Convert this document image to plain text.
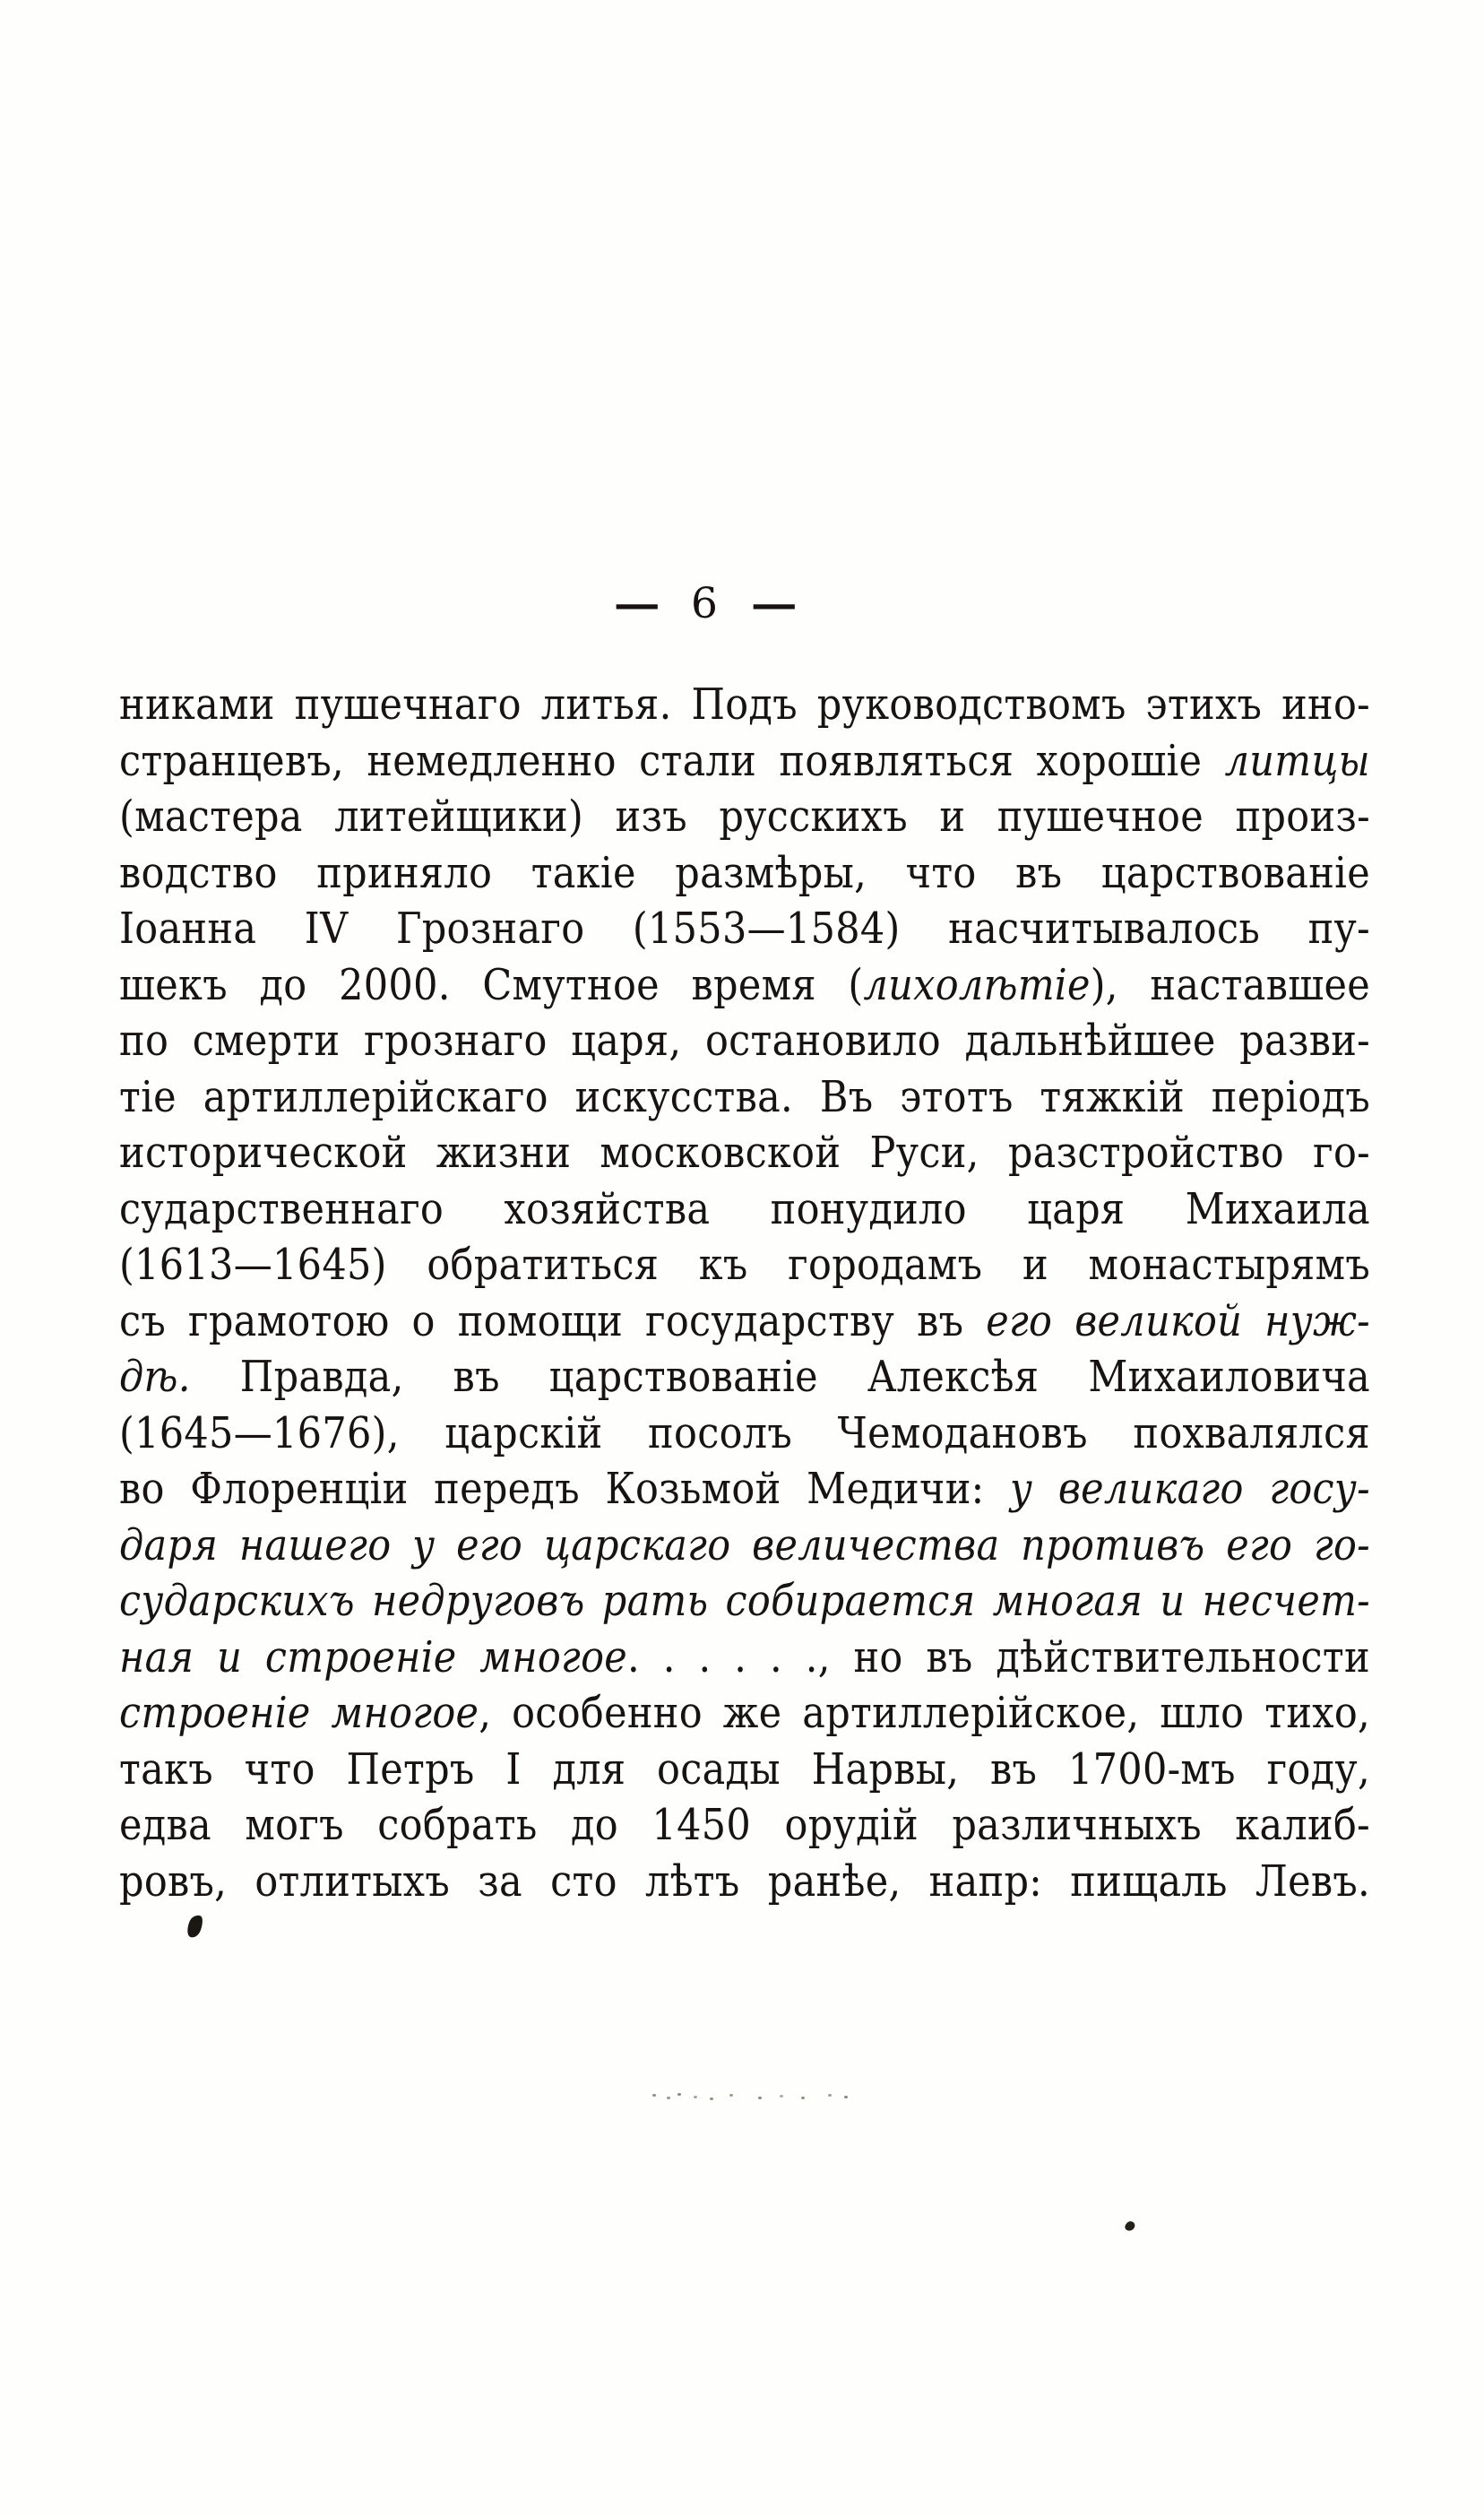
— 6 —
никами пушечнаго литья. Подъ руководствомъ этихъ ино-
странцевъ, немедленно стали появляться хорошіе литцы
(мастера литейщики) изъ русскихъ и пушечное произ-
водство приняло такіе размѣры, что въ царствованіе
Іоанна IV Грознаго (1553—1584) насчитывалось пу-
шекъ до 2000. Смутное время (лихолѣтіе), наставшее
по смерти грознаго царя, остановило дальнѣйшее разви-
тіе артиллерійскаго искусства. Въ этотъ тяжкій періодъ
исторической жизни московской Руси, разстройство го-
сударственнаго хозяйства понудило царя Михаила
(1613—1645) обратиться къ городамъ и монастырямъ
съ грамотою о помощи государству въ его великой нуж-
дѣ. Правда, въ царствованіе Алексѣя Михаиловича
(1645—1676), царскій посолъ Чемодановъ похвалялся
во Флоренціи передъ Козьмой Медичи: у великаго госу-
даря нашего у его царскаго величества противъ его го-
сударскихъ недруговъ рать собирается многая и несчет-
ная и строеніе многое. . . . . ., но въ дѣйствительности
строеніе многое, особенно же артиллерійское, шло тихо,
такъ что Петръ I для осады Нарвы, въ 1700-мъ году,
едва могъ собрать до 1450 орудій различныхъ калиб-
ровъ, отлитыхъ за сто лѣтъ ранѣе, напр: пищаль Левъ.
